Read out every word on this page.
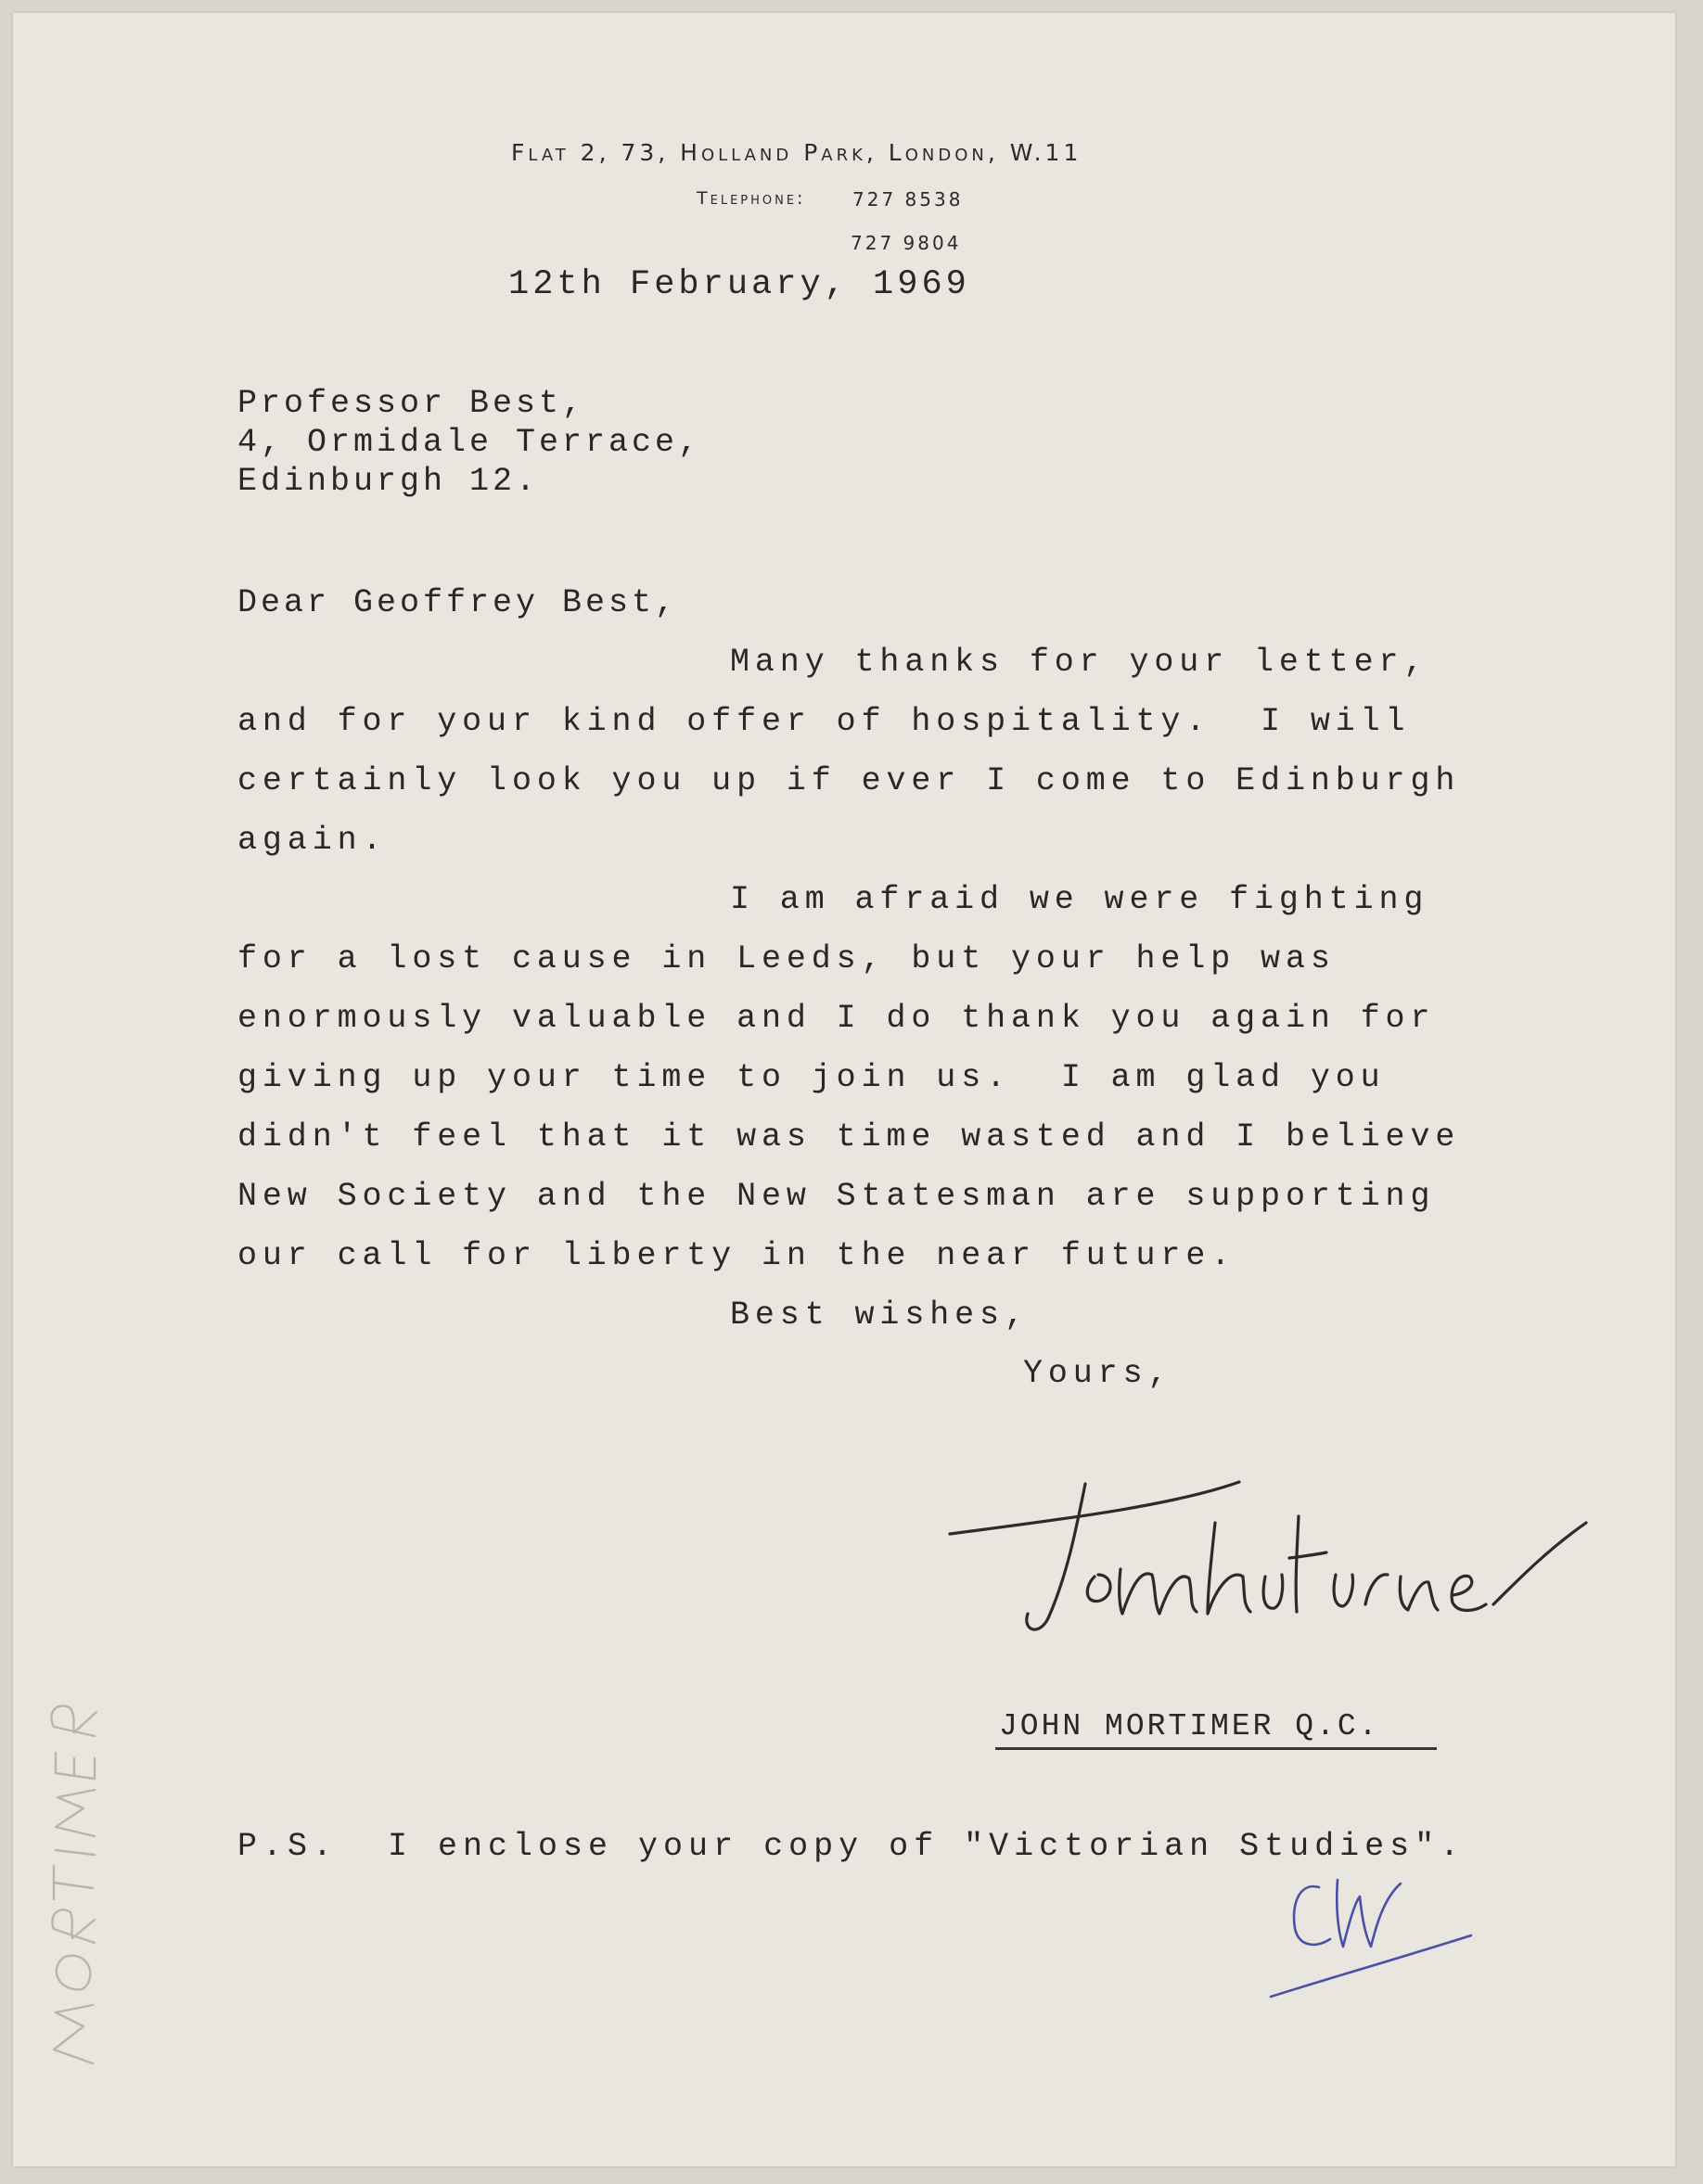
Flat 2, 73, Holland Park, London, W.11
Telephone:	727 8538
727 9804
12th February, 1969
Professor Best,
4, Ormidale Terrace,
Edinburgh 12.
Dear Geoffrey Best,
Many thanks for your letter,
and for your kind offer of hospitality.  I will
certainly look you up if ever I come to Edinburgh
again.
I am afraid we were fighting
for a lost cause in Leeds, but your help was
enormously valuable and I do thank you again for
giving up your time to join us.  I am glad you
didn't feel that it was time wasted and I believe
New Society and the New Statesman are supporting
our call for liberty in the near future.
Best wishes,
Yours,
JOHN MORTIMER Q.C.
P.S.  I enclose your copy of "Victorian Studies".
